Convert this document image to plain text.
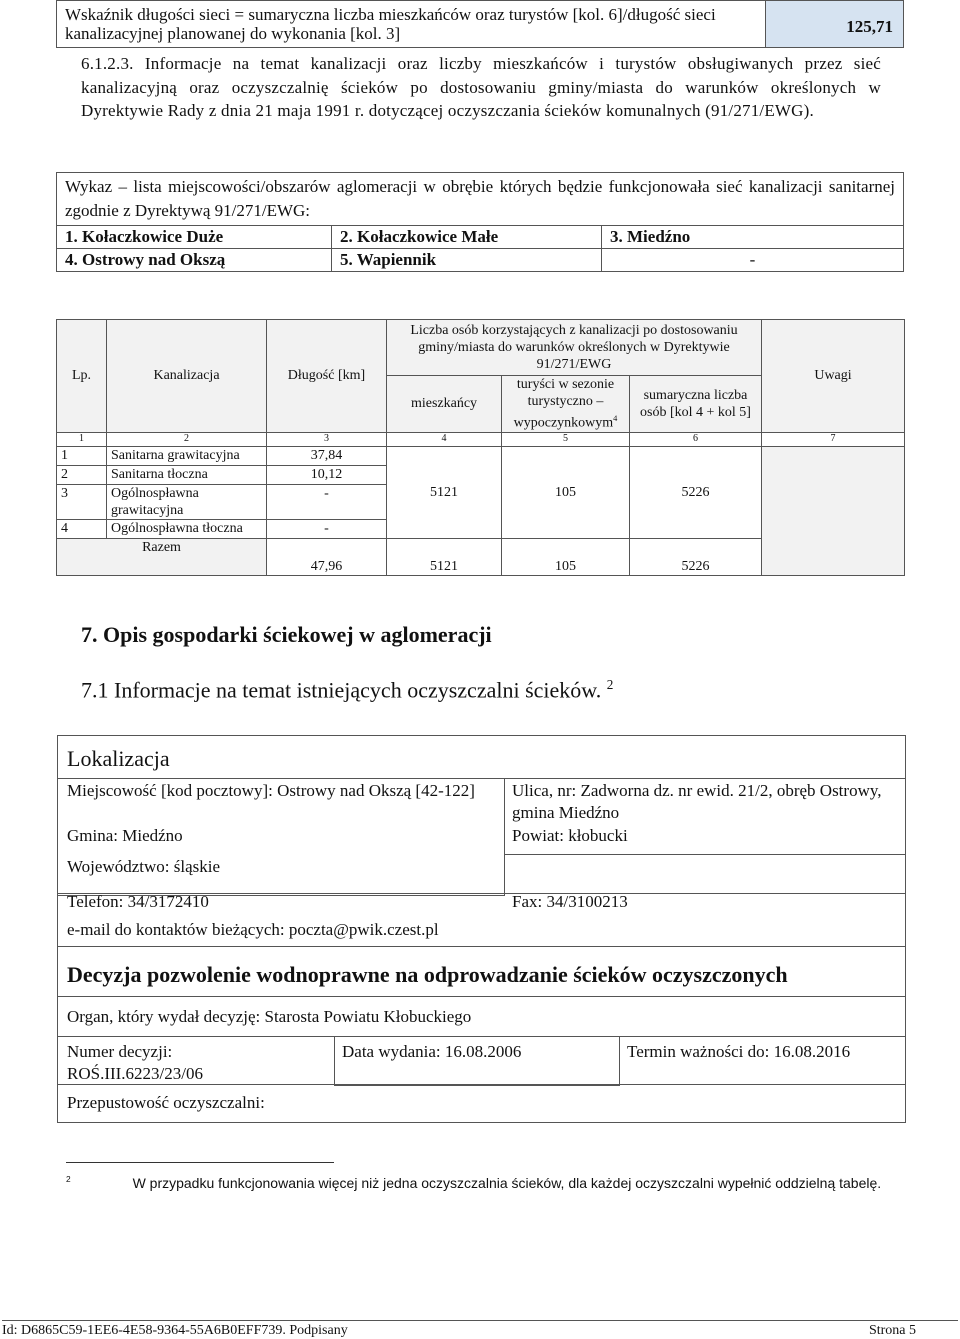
Wskaźnik długości sieci = sumaryczna liczba mieszkańców oraz turystów [kol. 6]/długość sieci kanalizacyjnej planowanej do wykonania [kol. 3]	125,71
6.1.2.3. Informacje na temat kanalizacji oraz liczby mieszkańców i turystów obsługiwanych przez sieć kanalizacyjną oraz oczyszczalnię ścieków po dostosowaniu gminy/miasta do warunków określonych w Dyrektywie Rady z dnia 21 maja 1991 r. dotyczącej oczyszczania ścieków komunalnych (91/271/EWG).
Wykaz – lista miejscowości/obszarów aglomeracji w obrębie których będzie funkcjonowała sieć kanalizacji sanitarnej zgodnie z Dyrektywą 91/271/EWG:		
1. Kołaczkowice Duże	2. Kołaczkowice Małe	3. Miedźno
4. Ostrowy nad Okszą	5. Wapiennik	-
Lp.	Kanalizacja	Długość [km]	Liczba osób korzystających z kanalizacji po dostosowaniu gminy/miasta do warunków określonych w Dyrektywie 91/271/EWG			Uwagi
			mieszkańcy	turyści w sezonie turystyczno – wypoczynkowym$^4$	sumaryczna liczba osób [kol 4 + kol 5]	
1	2	3	4	5	6	7
1	Sanitarna grawitacyjna	37,84	5121	105	5226	
2	Sanitarna tłoczna	10,12				
3	Ogólnospławna grawitacyjna	-				
4	Ogólnospławna tłoczna	-				
Razem		47,96	5121	105	5226	
7. Opis gospodarki ściekowej w aglomeracji
7.1 Informacje na temat istniejących oczyszczalni ścieków. $^2$
Lokalizacja
Miejscowość [kod pocztowy]: Ostrowy nad Okszą [42-122]
Gmina: Miedźno
Województwo: śląskie
Ulica, nr: Zadworna dz. nr ewid. 21/2, obręb Ostrowy, gmina Miedźno
Powiat: kłobucki
Telefon: 34/3172410	Fax: 34/3100213
e-mail do kontaktów bieżących: poczta@pwik.czest.pl
Decyzja pozwolenie wodnoprawne na odprowadzanie ścieków oczyszczonych
Organ, który wydał decyzję: Starosta Powiatu Kłobuckiego
Numer decyzji:
ROŚ.III.6223/23/06
Data wydania: 16.08.2006	Termin ważności do: 16.08.2016
Przepustowość oczyszczalni:
$^2$	W przypadku funkcjonowania więcej niż jedna oczyszczalnia ścieków, dla każdej oczyszczalni wypełnić oddzielną tabelę.
Id: D6865C59-1EE6-4E58-9364-55A6B0EFF739. Podpisany	Strona 5
